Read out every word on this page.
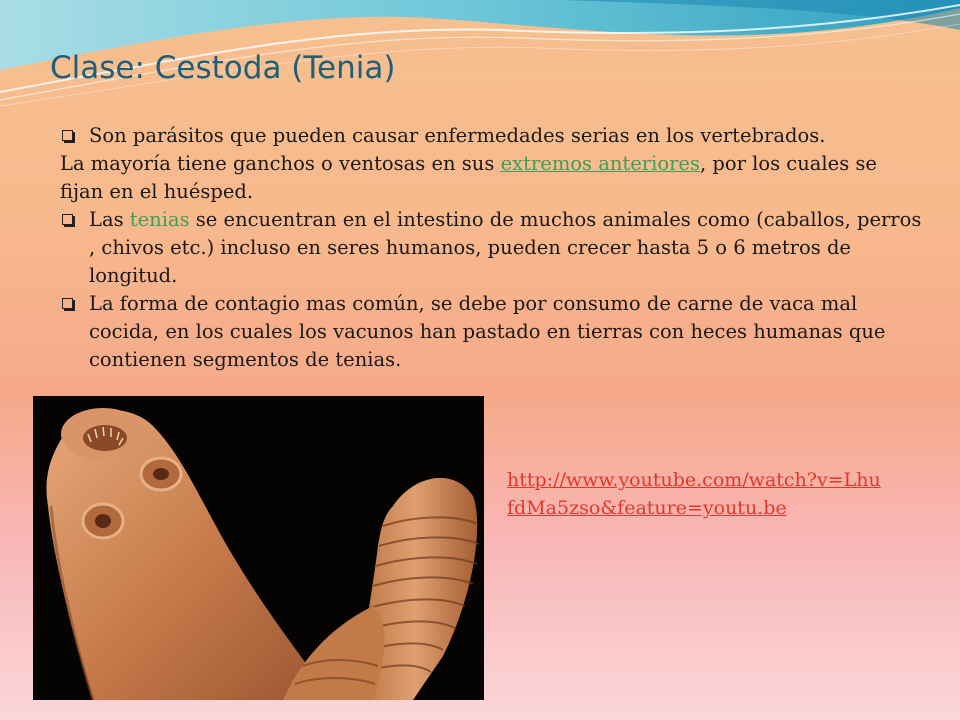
Clase: Cestoda (Tenia)
Son parásitos que pueden causar enfermedades serias en los vertebrados.
La mayoría tiene ganchos o ventosas en sus extremos anteriores, por los cuales se fijan en el huésped.
Las tenias se encuentran en el intestino de muchos animales como (caballos, perros , chivos etc.) incluso en seres humanos, pueden crecer hasta 5 o 6 metros de longitud.
La forma de contagio mas común, se debe por consumo de carne de vaca mal cocida, en los cuales los vacunos han pastado en tierras con heces humanas que contienen segmentos de tenias.
http://www.youtube.com/watch?v=Lhu
fdMa5zso&feature=youtu.be
